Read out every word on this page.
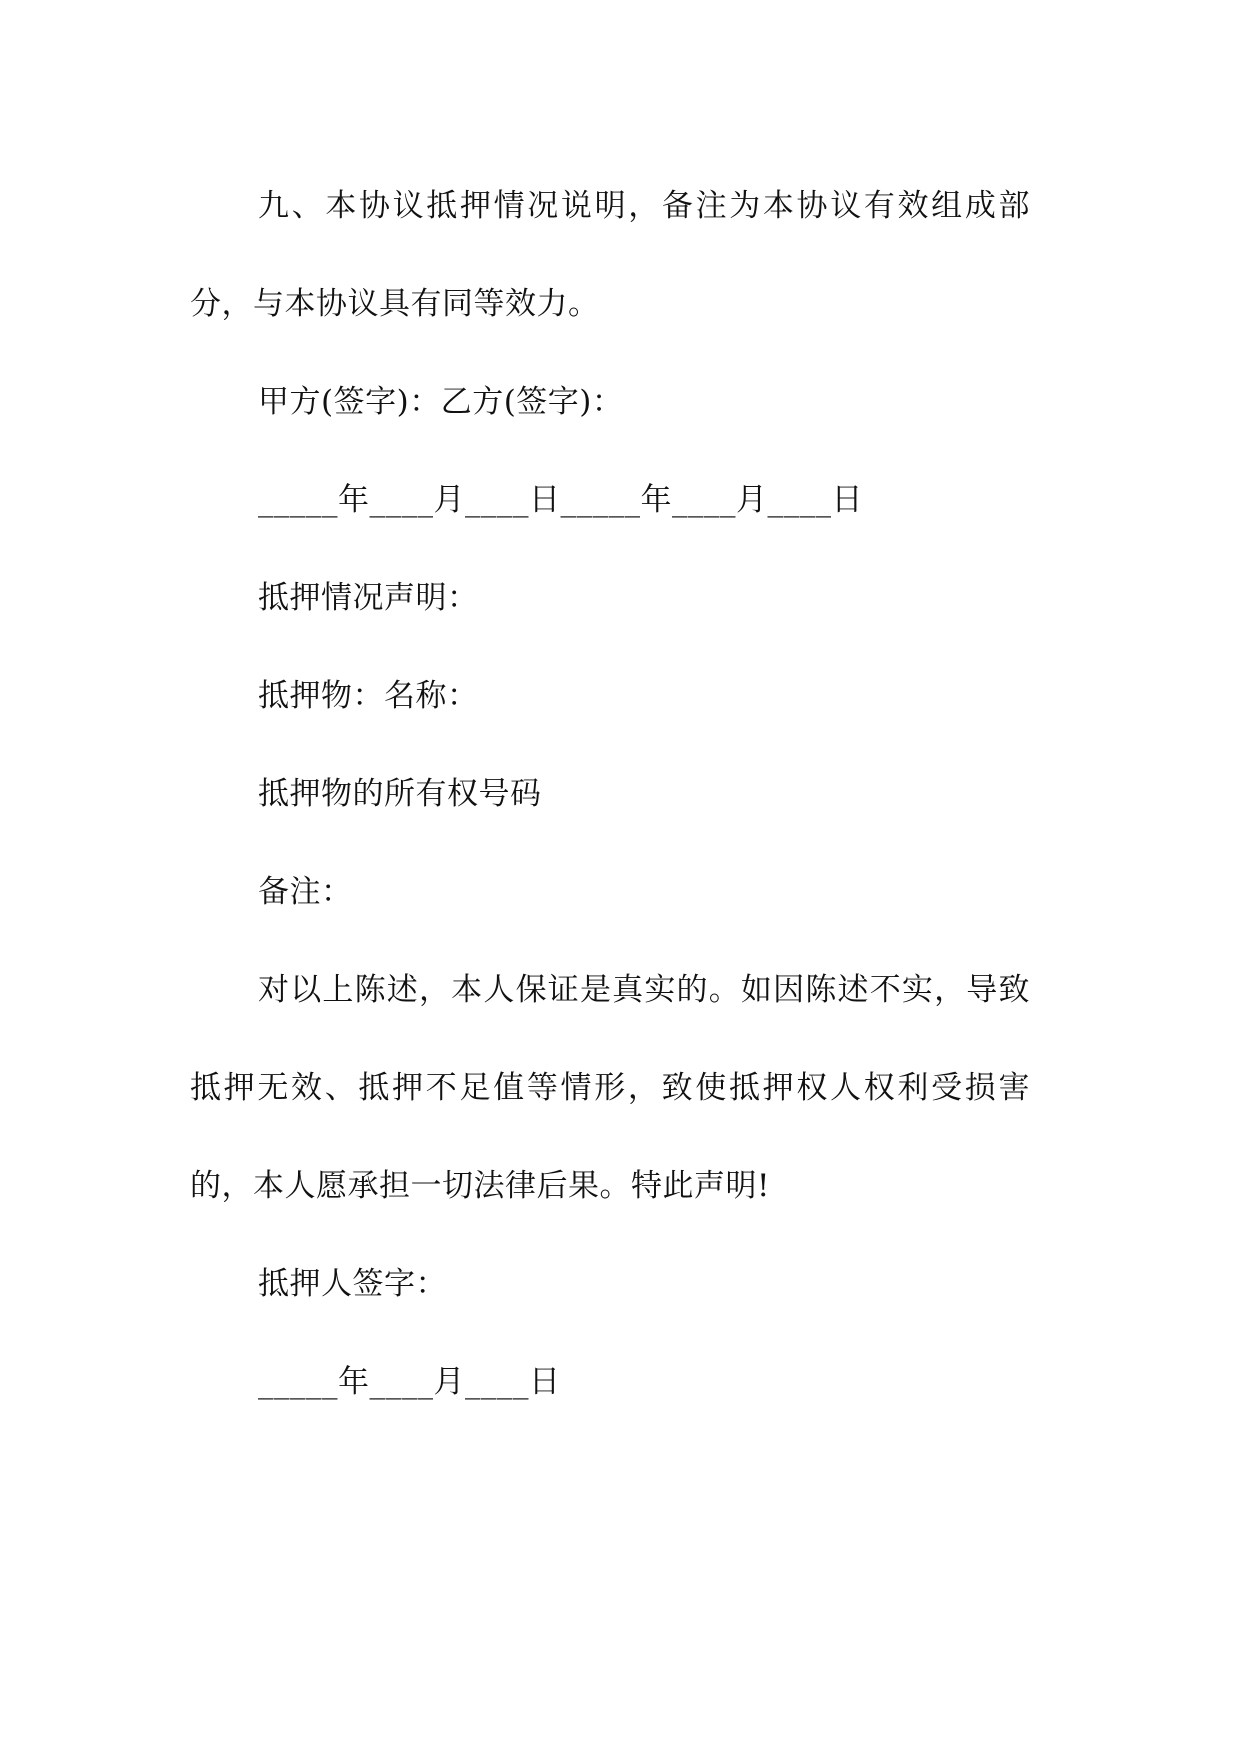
九、本协议抵押情况说明，备注为本协议有效组成部分，与本协议具有同等效力。

甲方(签字)：乙方(签字)：

_____年____月____日_____年____月____日

抵押情况声明：

抵押物：名称：

抵押物的所有权号码

备注：

对以上陈述，本人保证是真实的。如因陈述不实，导致抵押无效、抵押不足值等情形，致使抵押权人权利受损害的，本人愿承担一切法律后果。特此声明!

抵押人签字：

_____年____月____日
